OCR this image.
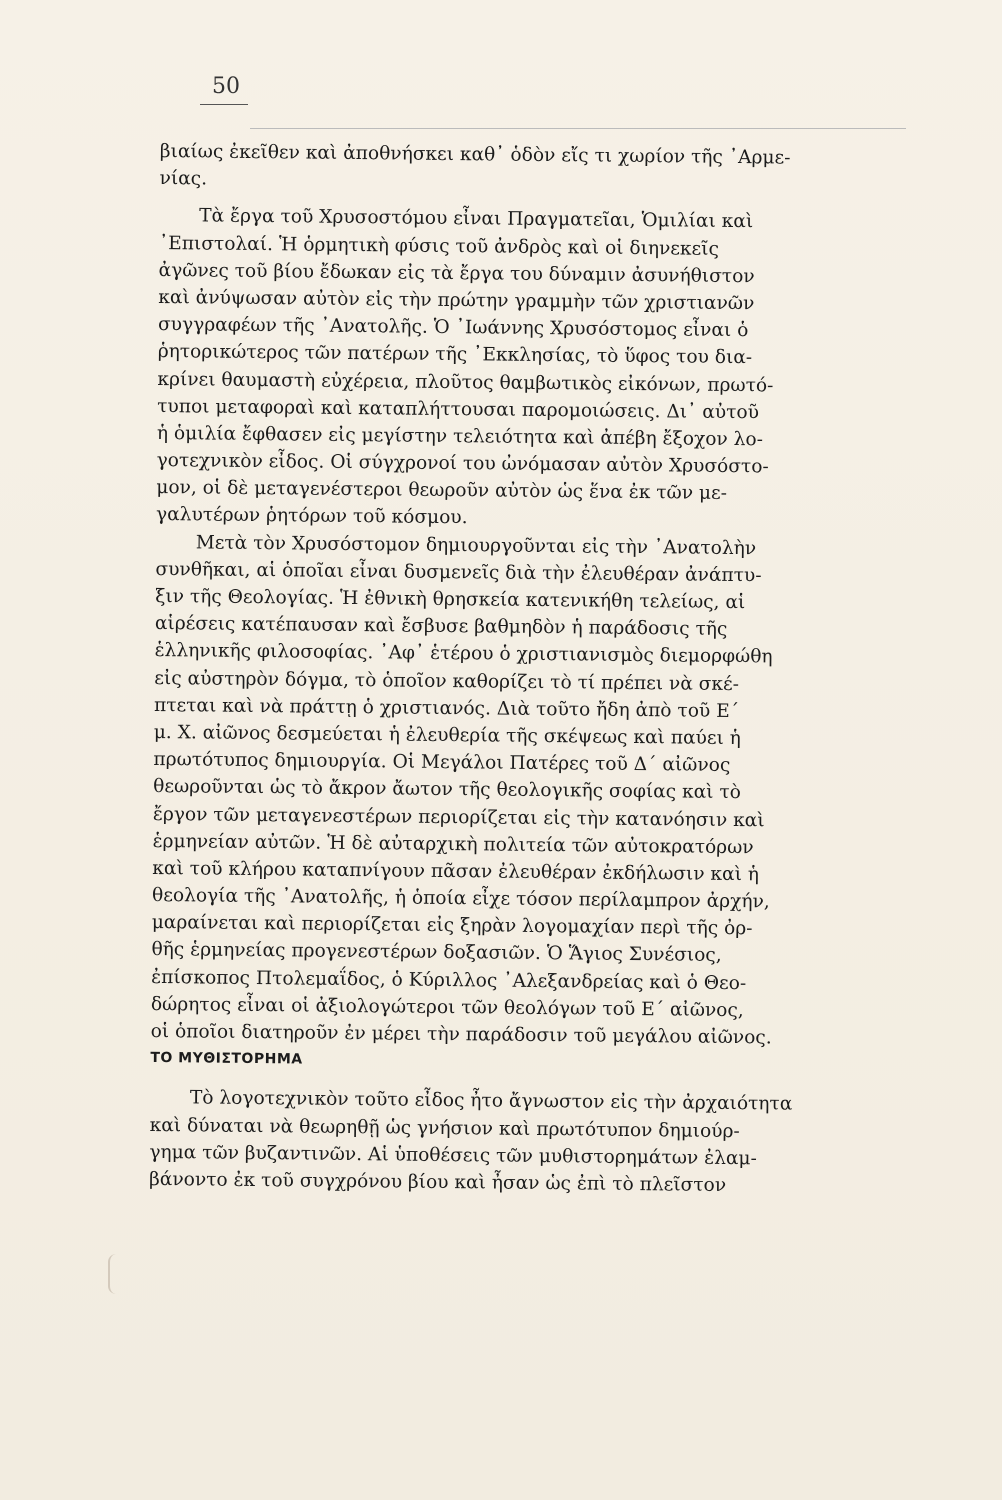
50
βιαίως ἐκεῖθεν καὶ ἀποθνήσκει καθ᾿ ὁδὸν εἴς τι χωρίον τῆς ᾿Αρμε-
νίας.
Τὰ ἔργα τοῦ Χρυσοστόμου εἶναι Πραγματεῖαι, Ὁμιλίαι καὶ
᾿Επιστολαί. Ἡ ὁρμητικὴ φύσις τοῦ ἀνδρὸς καὶ οἱ διηνεκεῖς
ἀγῶνες τοῦ βίου ἔδωκαν εἰς τὰ ἔργα του δύναμιν ἀσυνήθιστον
καὶ ἀνύψωσαν αὐτὸν εἰς τὴν πρώτην γραμμὴν τῶν χριστιανῶν
συγγραφέων τῆς ᾿Ανατολῆς. Ὁ ᾿Ιωάννης Χρυσόστομος εἶναι ὁ
ῥητορικώτερος τῶν πατέρων τῆς ᾿Εκκλησίας, τὸ ὕφος του δια-
κρίνει θαυμαστὴ εὐχέρεια, πλοῦτος θαμβωτικὸς εἰκόνων, πρωτό-
τυποι μεταφοραὶ καὶ καταπλήττουσαι παρομοιώσεις. Δι᾿ αὐτοῦ
ἡ ὁμιλία ἔφθασεν εἰς μεγίστην τελειότητα καὶ ἀπέβη ἔξοχον λο-
γοτεχνικὸν εἶδος. Οἱ σύγχρονοί του ὠνόμασαν αὐτὸν Χρυσόστο-
μον, οἱ δὲ μεταγενέστεροι θεωροῦν αὐτὸν ὡς ἕνα ἐκ τῶν με-
γαλυτέρων ῥητόρων τοῦ κόσμου.
Μετὰ τὸν Χρυσόστομον δημιουργοῦνται εἰς τὴν ᾿Ανατολὴν
συνθῆκαι, αἱ ὁποῖαι εἶναι δυσμενεῖς διὰ τὴν ἐλευθέραν ἀνάπτυ-
ξιν τῆς Θεολογίας. Ἡ ἐθνικὴ θρησκεία κατενικήθη τελείως, αἱ
αἱρέσεις κατέπαυσαν καὶ ἔσβυσε βαθμηδὸν ἡ παράδοσις τῆς
ἑλληνικῆς φιλοσοφίας. ᾿Αφ᾿ ἑτέρου ὁ χριστιανισμὸς διεμορφώθη
εἰς αὐστηρὸν δόγμα, τὸ ὁποῖον καθορίζει τὸ τί πρέπει νὰ σκέ-
πτεται καὶ νὰ πράττῃ ὁ χριστιανός. Διὰ τοῦτο ἤδη ἀπὸ τοῦ Ε´
μ. Χ. αἰῶνος δεσμεύεται ἡ ἐλευθερία τῆς σκέψεως καὶ παύει ἡ
πρωτότυπος δημιουργία. Οἱ Μεγάλοι Πατέρες τοῦ Δ´ αἰῶνος
θεωροῦνται ὡς τὸ ἄκρον ἄωτον τῆς θεολογικῆς σοφίας καὶ τὸ
ἔργον τῶν μεταγενεστέρων περιορίζεται εἰς τὴν κατανόησιν καὶ
ἑρμηνείαν αὐτῶν. Ἡ δὲ αὐταρχικὴ πολιτεία τῶν αὐτοκρατόρων
καὶ τοῦ κλήρου καταπνίγουν πᾶσαν ἐλευθέραν ἐκδήλωσιν καὶ ἡ
θεολογία τῆς ᾿Ανατολῆς, ἡ ὁποία εἶχε τόσον περίλαμπρον ἀρχήν,
μαραίνεται καὶ περιορίζεται εἰς ξηρὰν λογομαχίαν περὶ τῆς ὀρ-
θῆς ἑρμηνείας προγενεστέρων δοξασιῶν. Ὁ Ἅγιος Συνέσιος,
ἐπίσκοπος Πτολεμαΐδος, ὁ Κύριλλος ᾿Αλεξανδρείας καὶ ὁ Θεο-
δώρητος εἶναι οἱ ἀξιολογώτεροι τῶν θεολόγων τοῦ Ε´ αἰῶνος,
οἱ ὁποῖοι διατηροῦν ἐν μέρει τὴν παράδοσιν τοῦ μεγάλου αἰῶνος.
ΤΟ ΜΥΘΙΣΤΟΡΗΜΑ
Τὸ λογοτεχνικὸν τοῦτο εἶδος ἦτο ἄγνωστον εἰς τὴν ἀρχαιότητα
καὶ δύναται νὰ θεωρηθῇ ὡς γνήσιον καὶ πρωτότυπον δημιούρ-
γημα τῶν βυζαντινῶν. Αἱ ὑποθέσεις τῶν μυθιστορημάτων ἐλαμ-
βάνοντο ἐκ τοῦ συγχρόνου βίου καὶ ἦσαν ὡς ἐπὶ τὸ πλεῖστον
